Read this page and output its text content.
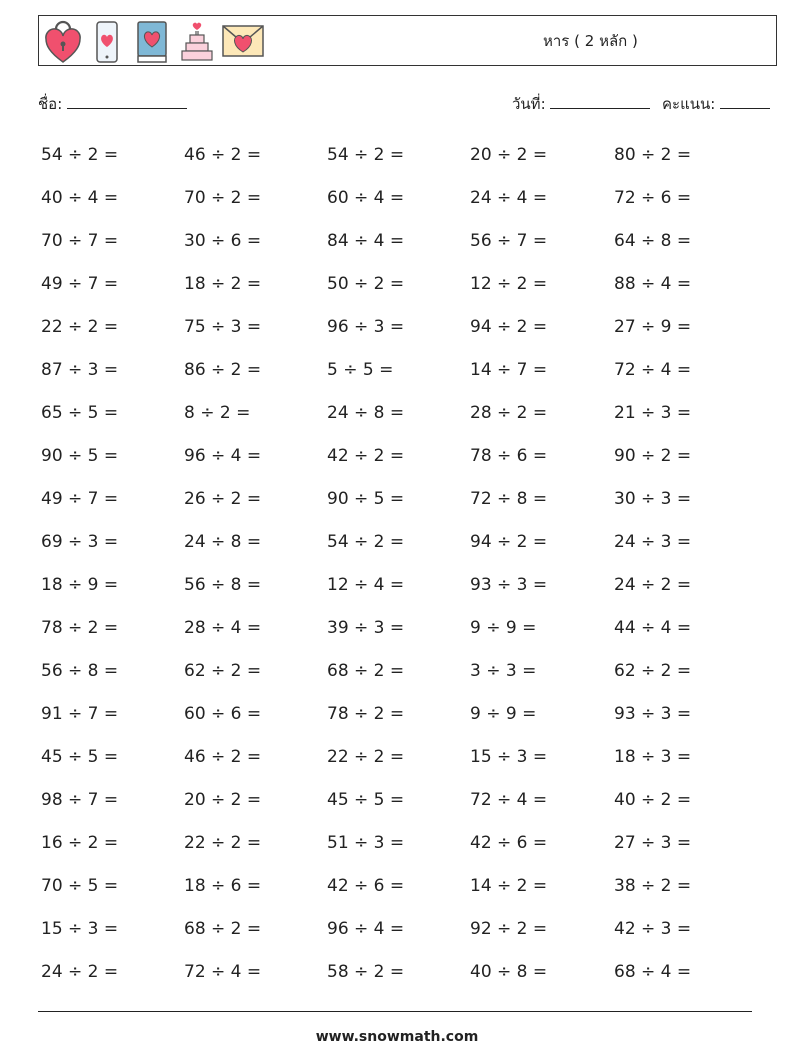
หาร ( 2 หลัก )
ชื่อ:	วันที่:	คะแนน:
54 ÷ 2 =	46 ÷ 2 =	54 ÷ 2 =	20 ÷ 2 =	80 ÷ 2 =
40 ÷ 4 =	70 ÷ 2 =	60 ÷ 4 =	24 ÷ 4 =	72 ÷ 6 =
70 ÷ 7 =	30 ÷ 6 =	84 ÷ 4 =	56 ÷ 7 =	64 ÷ 8 =
49 ÷ 7 =	18 ÷ 2 =	50 ÷ 2 =	12 ÷ 2 =	88 ÷ 4 =
22 ÷ 2 =	75 ÷ 3 =	96 ÷ 3 =	94 ÷ 2 =	27 ÷ 9 =
87 ÷ 3 =	86 ÷ 2 =	5 ÷ 5 =	14 ÷ 7 =	72 ÷ 4 =
65 ÷ 5 =	8 ÷ 2 =	24 ÷ 8 =	28 ÷ 2 =	21 ÷ 3 =
90 ÷ 5 =	96 ÷ 4 =	42 ÷ 2 =	78 ÷ 6 =	90 ÷ 2 =
49 ÷ 7 =	26 ÷ 2 =	90 ÷ 5 =	72 ÷ 8 =	30 ÷ 3 =
69 ÷ 3 =	24 ÷ 8 =	54 ÷ 2 =	94 ÷ 2 =	24 ÷ 3 =
18 ÷ 9 =	56 ÷ 8 =	12 ÷ 4 =	93 ÷ 3 =	24 ÷ 2 =
78 ÷ 2 =	28 ÷ 4 =	39 ÷ 3 =	9 ÷ 9 =	44 ÷ 4 =
56 ÷ 8 =	62 ÷ 2 =	68 ÷ 2 =	3 ÷ 3 =	62 ÷ 2 =
91 ÷ 7 =	60 ÷ 6 =	78 ÷ 2 =	9 ÷ 9 =	93 ÷ 3 =
45 ÷ 5 =	46 ÷ 2 =	22 ÷ 2 =	15 ÷ 3 =	18 ÷ 3 =
98 ÷ 7 =	20 ÷ 2 =	45 ÷ 5 =	72 ÷ 4 =	40 ÷ 2 =
16 ÷ 2 =	22 ÷ 2 =	51 ÷ 3 =	42 ÷ 6 =	27 ÷ 3 =
70 ÷ 5 =	18 ÷ 6 =	42 ÷ 6 =	14 ÷ 2 =	38 ÷ 2 =
15 ÷ 3 =	68 ÷ 2 =	96 ÷ 4 =	92 ÷ 2 =	42 ÷ 3 =
24 ÷ 2 =	72 ÷ 4 =	58 ÷ 2 =	40 ÷ 8 =	68 ÷ 4 =
www.snowmath.com
